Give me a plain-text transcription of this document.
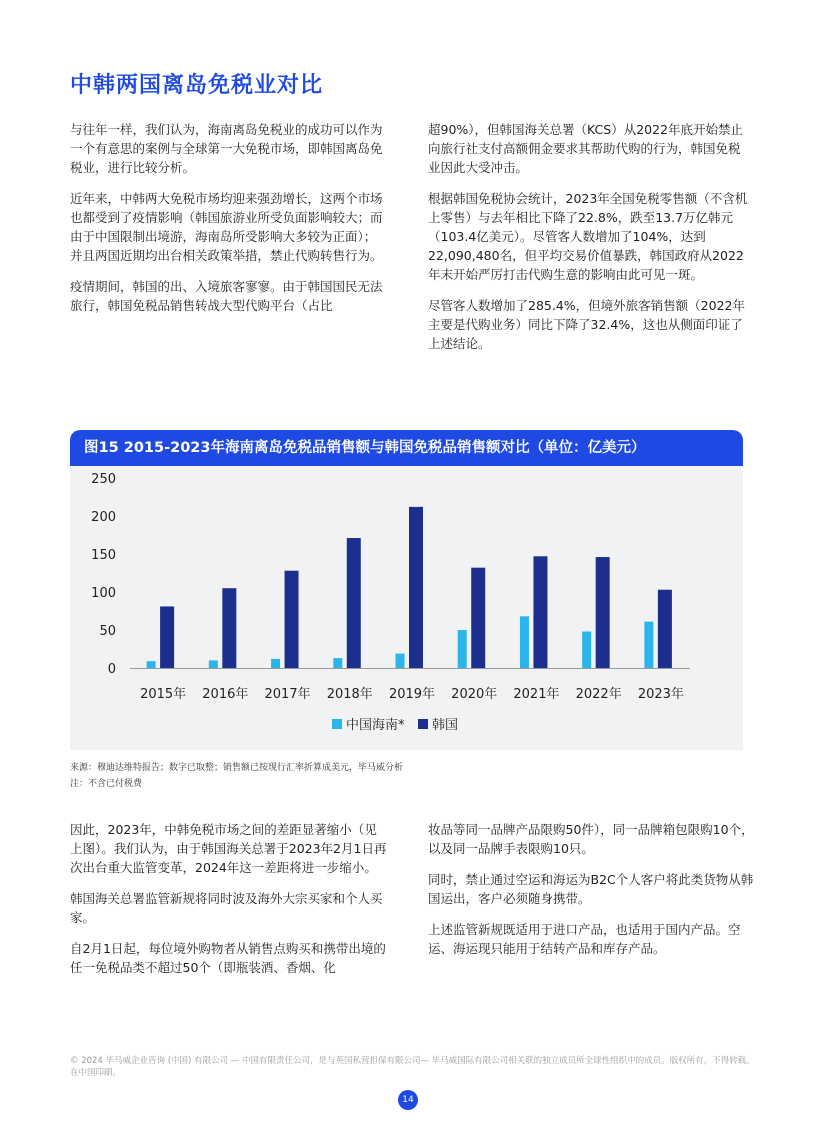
中韩两国离岛免税业对比

与往年一样，我们认为，海南离岛免税业的成功可以作为一个有意思的案例与全球第一大免税市场，即韩国离岛免税业，进行比较分析。

近年来，中韩两大免税市场均迎来强劲增长，这两个市场也都受到了疫情影响（韩国旅游业所受负面影响较大；而由于中国限制出境游，海南岛所受影响大多较为正面）；并且两国近期均出台相关政策举措，禁止代购转售行为。

疫情期间，韩国的出、入境旅客寥寥。由于韩国国民无法旅行，韩国免税品销售转战大型代购平台（占比

超90%），但韩国海关总署（KCS）从2022年底开始禁止向旅行社支付高额佣金要求其帮助代购的行为，韩国免税业因此大受冲击。

根据韩国免税协会统计，2023年全国免税零售额（不含机上零售）与去年相比下降了22.8%，跌至13.7万亿韩元（103.4亿美元）。尽管客人数增加了104%，达到22,090,480名，但平均交易价值暴跌，韩国政府从2022年末开始严厉打击代购生意的影响由此可见一斑。

尽管客人数增加了285.4%，但境外旅客销售额（2022年主要是代购业务）同比下降了32.4%，这也从侧面印证了上述结论。

图15 2015-2023年海南离岛免税品销售额与韩国免税品销售额对比（单位：亿美元）
0
50
100
150
200
250
2015年 2016年 2017年 2018年 2019年 2020年 2021年 2022年 2023年
中国海南* 韩国
来源：穆迪达维特报告；数字已取整；销售额已按现行汇率折算成美元，毕马威分析
注：不含已付税费

因此，2023年，中韩免税市场之间的差距显著缩小（见上图）。我们认为，由于韩国海关总署于2023年2月1日再次出台重大监管变革，2024年这一差距将进一步缩小。

韩国海关总署监管新规将同时波及海外大宗买家和个人买家。

自2月1日起，每位境外购物者从销售点购买和携带出境的任一免税品类不超过50个（即瓶装酒、香烟、化

妆品等同一品牌产品限购50件），同一品牌箱包限购10个，以及同一品牌手表限购10只。

同时，禁止通过空运和海运为B2C个人客户将此类货物从韩国运出，客户必须随身携带。

上述监管新规既适用于进口产品，也适用于国内产品。空运、海运现只能用于结转产品和库存产品。

© 2024 毕马威企业咨询 (中国) 有限公司 — 中国有限责任公司，是与英国私营担保有限公司— 毕马威国际有限公司相关联的独立成员所全球性组织中的成员。版权所有，不得转载。在中国印刷。
14
